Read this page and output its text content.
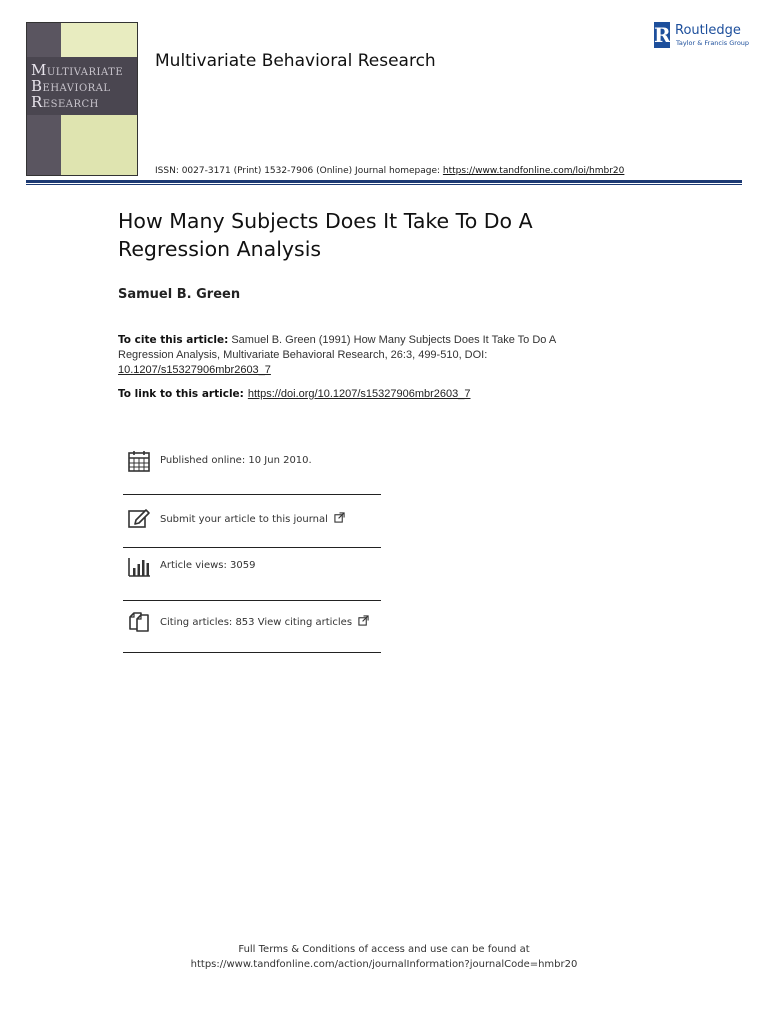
MULTIVARIATE
BEHAVIORAL
RESEARCH
Multivariate Behavioral Research
ISSN: 0027-3171 (Print) 1532-7906 (Online) Journal homepage: https://www.tandfonline.com/loi/hmbr20
R Routledge
Taylor & Francis Group
How Many Subjects Does It Take To Do A Regression Analysis
Samuel B. Green
To cite this article: Samuel B. Green (1991) How Many Subjects Does It Take To Do A Regression Analysis, Multivariate Behavioral Research, 26:3, 499-510, DOI: 10.1207/s15327906mbr2603_7
To link to this article: https://doi.org/10.1207/s15327906mbr2603_7
Published online: 10 Jun 2010.
Submit your article to this journal
Article views: 3059
Citing articles: 853 View citing articles
Full Terms & Conditions of access and use can be found at
https://www.tandfonline.com/action/journalInformation?journalCode=hmbr20
